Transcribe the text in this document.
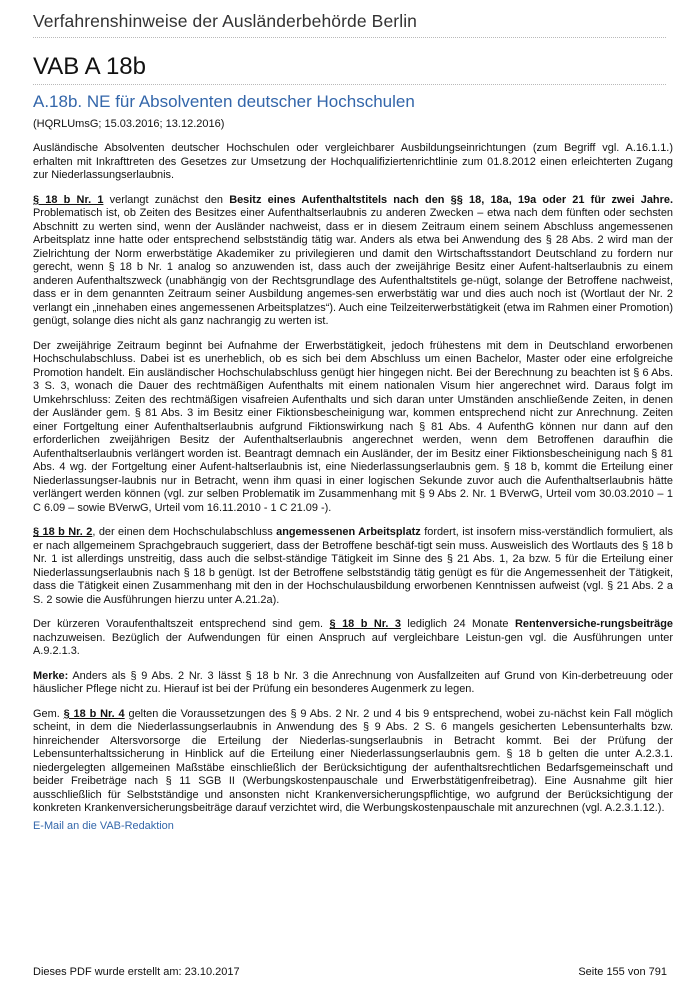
Verfahrenshinweise der Ausländerbehörde Berlin
VAB A 18b
A.18b. NE für Absolventen deutscher Hochschulen
(HQRLUmsG; 15.03.2016; 13.12.2016)

Ausländische Absolventen deutscher Hochschulen oder vergleichbarer Ausbildungseinrichtungen (zum Begriff vgl. A.16.1.1.) erhalten mit Inkrafttreten des Gesetzes zur Umsetzung der Hochqualifiziertenrichtlinie zum 01.8.2012 einen erleichterten Zugang zur Niederlassungserlaubnis.

§ 18 b Nr. 1 verlangt zunächst den Besitz eines Aufenthaltstitels nach den §§ 18, 18a, 19a oder 21 für zwei Jahre. Problematisch ist, ob Zeiten des Besitzes einer Aufenthaltserlaubnis zu anderen Zwecken – etwa nach dem fünften oder sechsten Abschnitt zu werten sind, wenn der Ausländer nachweist, dass er in diesem Zeitraum einem seinem Abschluss angemessenen Arbeitsplatz inne hatte oder entsprechend selbstständig tätig war. Anders als etwa bei Anwendung des § 28 Abs. 2 wird man der Zielrichtung der Norm erwerbstätige Akademiker zu privilegieren und damit den Wirtschaftsstandort Deutschland zu fordern nur gerecht, wenn § 18 b Nr. 1 analog so anzuwenden ist, dass auch der zweijährige Besitz einer Aufent-haltserlaubnis zu einem anderen Aufenthaltszweck (unabhängig von der Rechtsgrundlage des Aufenthaltstitels ge-nügt, solange der Betroffene nachweist, dass er in dem genannten Zeitraum seiner Ausbildung angemes-sen erwerbstätig war und dies auch noch ist (Wortlaut der Nr. 2 verlangt ein „innehaben eines angemessenen Arbeitsplatzes“). Auch eine Teilzeiterwerbstätigkeit (etwa im Rahmen einer Promotion) genügt, solange dies nicht als ganz nachrangig zu werten ist.

Der zweijährige Zeitraum beginnt bei Aufnahme der Erwerbstätigkeit, jedoch frühestens mit dem in Deutschland erworbenen Hochschulabschluss. Dabei ist es unerheblich, ob es sich bei dem Abschluss um einen Bachelor, Master oder eine erfolgreiche Promotion handelt. Ein ausländischer Hochschulabschluss genügt hier hingegen nicht. Bei der Berechnung zu beachten ist § 6 Abs. 3 S. 3, wonach die Dauer des rechtmäßigen Aufenthalts mit einem nationalen Visum hier angerechnet wird. Daraus folgt im Umkehrschluss: Zeiten des rechtmäßigen visafreien Aufenthalts und sich daran unter Umständen anschließende Zeiten, in denen der Ausländer gem. § 81 Abs. 3 im Besitz einer Fiktionsbescheinigung war, kommen entsprechend nicht zur Anrechnung. Zeiten einer Fortgeltung einer Aufenthaltserlaubnis aufgrund Fiktionswirkung nach § 81 Abs. 4 AufenthG können nur dann auf den erforderlichen zweijährigen Besitz der Aufenthaltserlaubnis angerechnet werden, wenn dem Betroffenen daraufhin die Aufenthaltserlaubnis verlängert worden ist. Beantragt demnach ein Ausländer, der im Besitz einer Fiktionsbescheinigung nach § 81 Abs. 4 wg. der Fortgeltung einer Aufent-haltserlaubnis ist, eine Niederlassungserlaubnis gem. § 18 b, kommt die Erteilung einer Niederlassungser-laubnis nur in Betracht, wenn ihm quasi in einer logischen Sekunde zuvor auch die Aufenthaltserlaubnis hätte verlängert werden können (vgl. zur selben Problematik im Zusammenhang mit § 9 Abs 2. Nr. 1 BVerwG, Urteil vom 30.03.2010 – 1 C 6.09 – sowie BVerwG, Urteil vom 16.11.2010 - 1 C 21.09 -).

§ 18 b Nr. 2, der einen dem Hochschulabschluss angemessenen Arbeitsplatz fordert, ist insofern miss-verständlich formuliert, als er nach allgemeinem Sprachgebrauch suggeriert, dass der Betroffene beschäf-tigt sein muss. Ausweislich des Wortlauts des § 18 b Nr. 1 ist allerdings unstreitig, dass auch die selbst-ständige Tätigkeit im Sinne des § 21 Abs. 1, 2a bzw. 5 für die Erteilung einer Niederlassungserlaubnis nach § 18 b genügt. Ist der Betroffene selbstständig tätig genügt es für die Angemessenheit der Tätigkeit, dass die Tätigkeit einen Zusammenhang mit den in der Hochschulausbildung erworbenen Kenntnissen aufweist (vgl. § 21 Abs. 2 a S. 2 sowie die Ausführungen hierzu unter A.21.2a).

Der kürzeren Voraufenthaltszeit entsprechend sind gem. § 18 b Nr. 3 lediglich 24 Monate Rentenversiche-rungsbeiträge nachzuweisen. Bezüglich der Aufwendungen für einen Anspruch auf vergleichbare Leistun-gen vgl. die Ausführungen unter A.9.2.1.3.

Merke: Anders als § 9 Abs. 2 Nr. 3 lässt § 18 b Nr. 3 die Anrechnung von Ausfallzeiten auf Grund von Kin-derbetreuung oder häuslicher Pflege nicht zu. Hierauf ist bei der Prüfung ein besonderes Augenmerk zu legen.

Gem. § 18 b Nr. 4 gelten die Voraussetzungen des § 9 Abs. 2 Nr. 2 und 4 bis 9 entsprechend, wobei zu-nächst kein Fall möglich scheint, in dem die Niederlassungserlaubnis in Anwendung des § 9 Abs. 2 S. 6 mangels gesicherten Lebensunterhalts bzw. hinreichender Altersvorsorge die Erteilung der Niederlas-sungserlaubnis in Betracht kommt. Bei der Prüfung der Lebensunterhaltssicherung in Hinblick auf die Erteilung einer Niederlassungserlaubnis gem. § 18 b gelten die unter A.2.3.1. niedergelegten allgemeinen Maßstäbe einschließlich der Berücksichtigung der aufenthaltsrechtlichen Bedarfsgemeinschaft und beider Freibeträge nach § 11 SGB II (Werbungskostenpauschale und Erwerbstätigenfreibetrag). Eine Ausnahme gilt hier ausschließlich für Selbstständige und ansonsten nicht Krankenversicherungspflichtige, wo aufgrund der Berücksichtigung der konkreten Krankenversicherungsbeiträge darauf verzichtet wird, die Werbungskostenpauschale mit anzurechnen (vgl. A.2.3.1.12.).

E-Mail an die VAB-Redaktion
Dieses PDF wurde erstellt am: 23.10.2017	Seite 155 von 791
